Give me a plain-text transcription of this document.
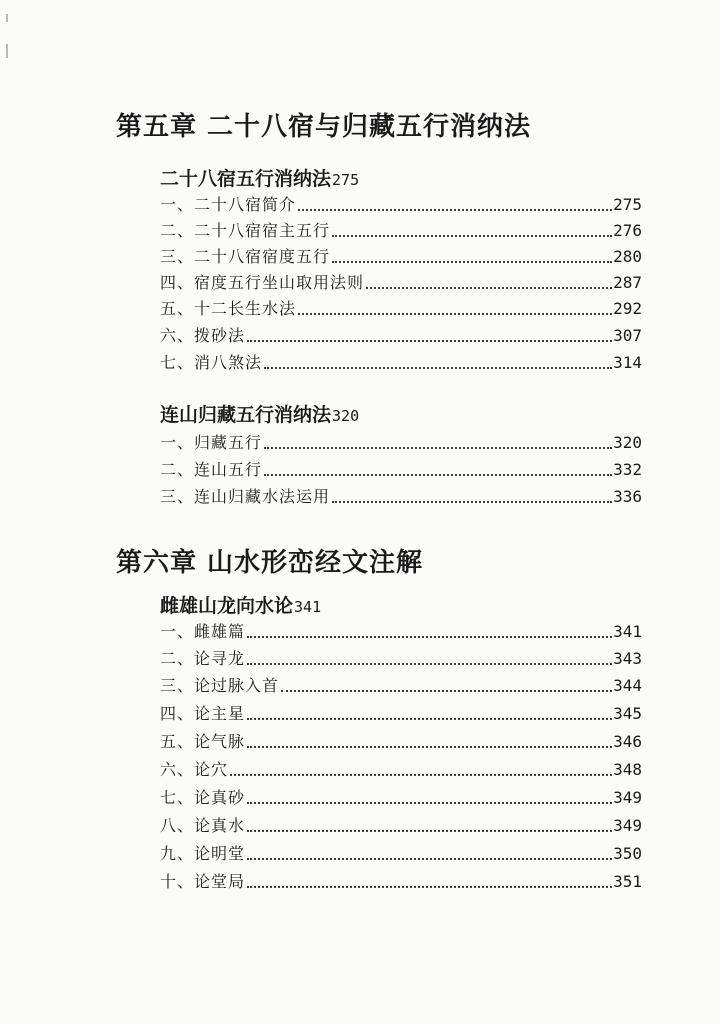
第五章 二十八宿与归藏五行消纳法
二十八宿五行消纳法275
一、二十八宿简介	275
二、二十八宿宿主五行	276
三、二十八宿宿度五行	280
四、宿度五行坐山取用法则	287
五、十二长生水法	292
六、拨砂法	307
七、消八煞法	314
连山归藏五行消纳法320
一、归藏五行	320
二、连山五行	332
三、连山归藏水法运用	336
第六章 山水形峦经文注解
雌雄山龙向水论341
一、雌雄篇	341
二、论寻龙	343
三、论过脉入首	344
四、论主星	345
五、论气脉	346
六、论穴	348
七、论真砂	349
八、论真水	349
九、论明堂	350
十、论堂局	351
